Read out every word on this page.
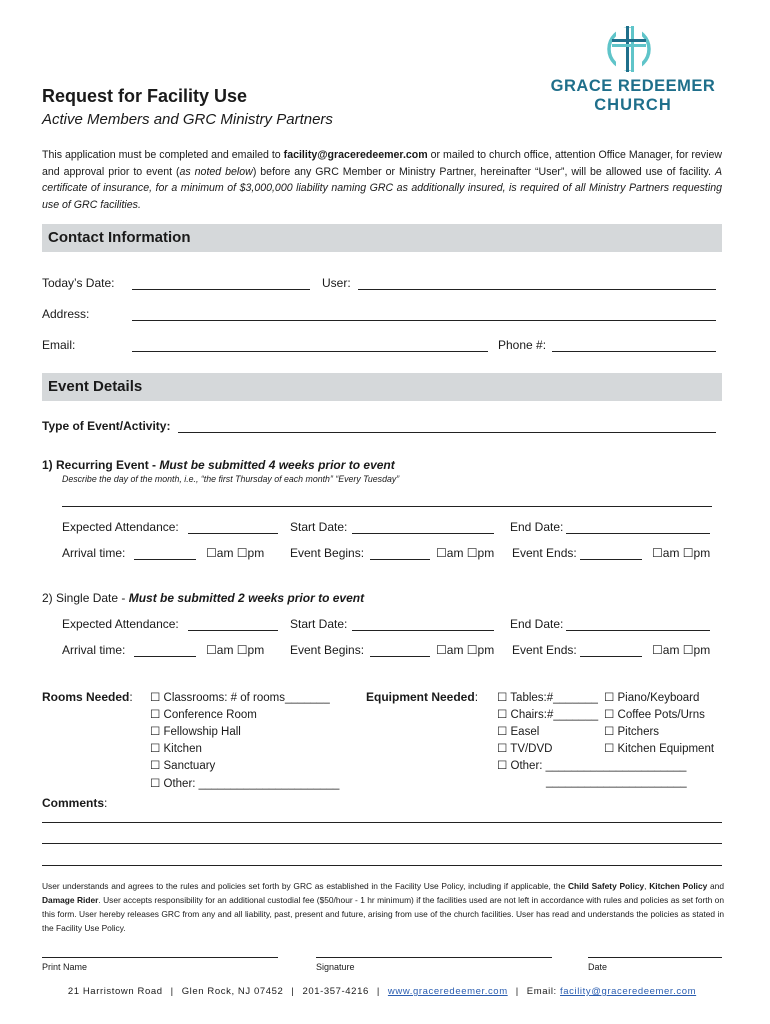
GRACE REDEEMER
CHURCH
Request for Facility Use
Active Members and GRC Ministry Partners
This application must be completed and emailed to facility@graceredeemer.com or mailed to church office, attention Office Manager, for review and approval prior to event (as noted below) before any GRC Member or Ministry Partner, hereinafter “User”, will be allowed use of facility. A certificate of insurance, for a minimum of $3,000,000 liability naming GRC as additionally insured, is required of all Ministry Partners requesting use of GRC facilities.
Contact Information
Today’s Date:	User:
Address:
Email:	Phone #:
Event Details
Type of Event/Activity:
1) Recurring Event - Must be submitted 4 weeks prior to event
Describe the day of the month, i.e., “the first Thursday of each month” “Every Tuesday”
Expected Attendance:	Start Date:	End Date:
Arrival time:	☐am ☐pm Event Begins:	☐am ☐pm Event Ends:	☐am ☐pm
2) Single Date - Must be submitted 2 weeks prior to event
Expected Attendance:	Start Date:	End Date:
Arrival time:	☐am ☐pm Event Begins:	☐am ☐pm Event Ends:	☐am ☐pm
Rooms Needed: ☐ Classrooms: # of rooms_______
☐ Conference Room
☐ Fellowship Hall
☐ Kitchen
☐ Sanctuary
☐ Other: ______________________
Equipment Needed: ☐ Tables:#_______
☐ Chairs:#_______
☐ Easel
☐ TV/DVD
☐ Other: ______________________
______________________
☐ Piano/Keyboard
☐ Coffee Pots/Urns
☐ Pitchers
☐ Kitchen Equipment
Comments:
User understands and agrees to the rules and policies set forth by GRC as established in the Facility Use Policy, including if applicable, the Child Safety Policy, Kitchen Policy and Damage Rider. User accepts responsibility for an additional custodial fee ($50/hour - 1 hr minimum) if the facilities used are not left in accordance with rules and policies as set forth on this form. User hereby releases GRC from any and all liability, past, present and future, arising from use of the church facilities. User has read and understands the policies as stated in the Facility Use Policy.
Print Name	Signature	Date
21 Harristown Road | Glen Rock, NJ 07452 | 201-357-4216 | www.graceredeemer.com | Email: facility@graceredeemer.com
